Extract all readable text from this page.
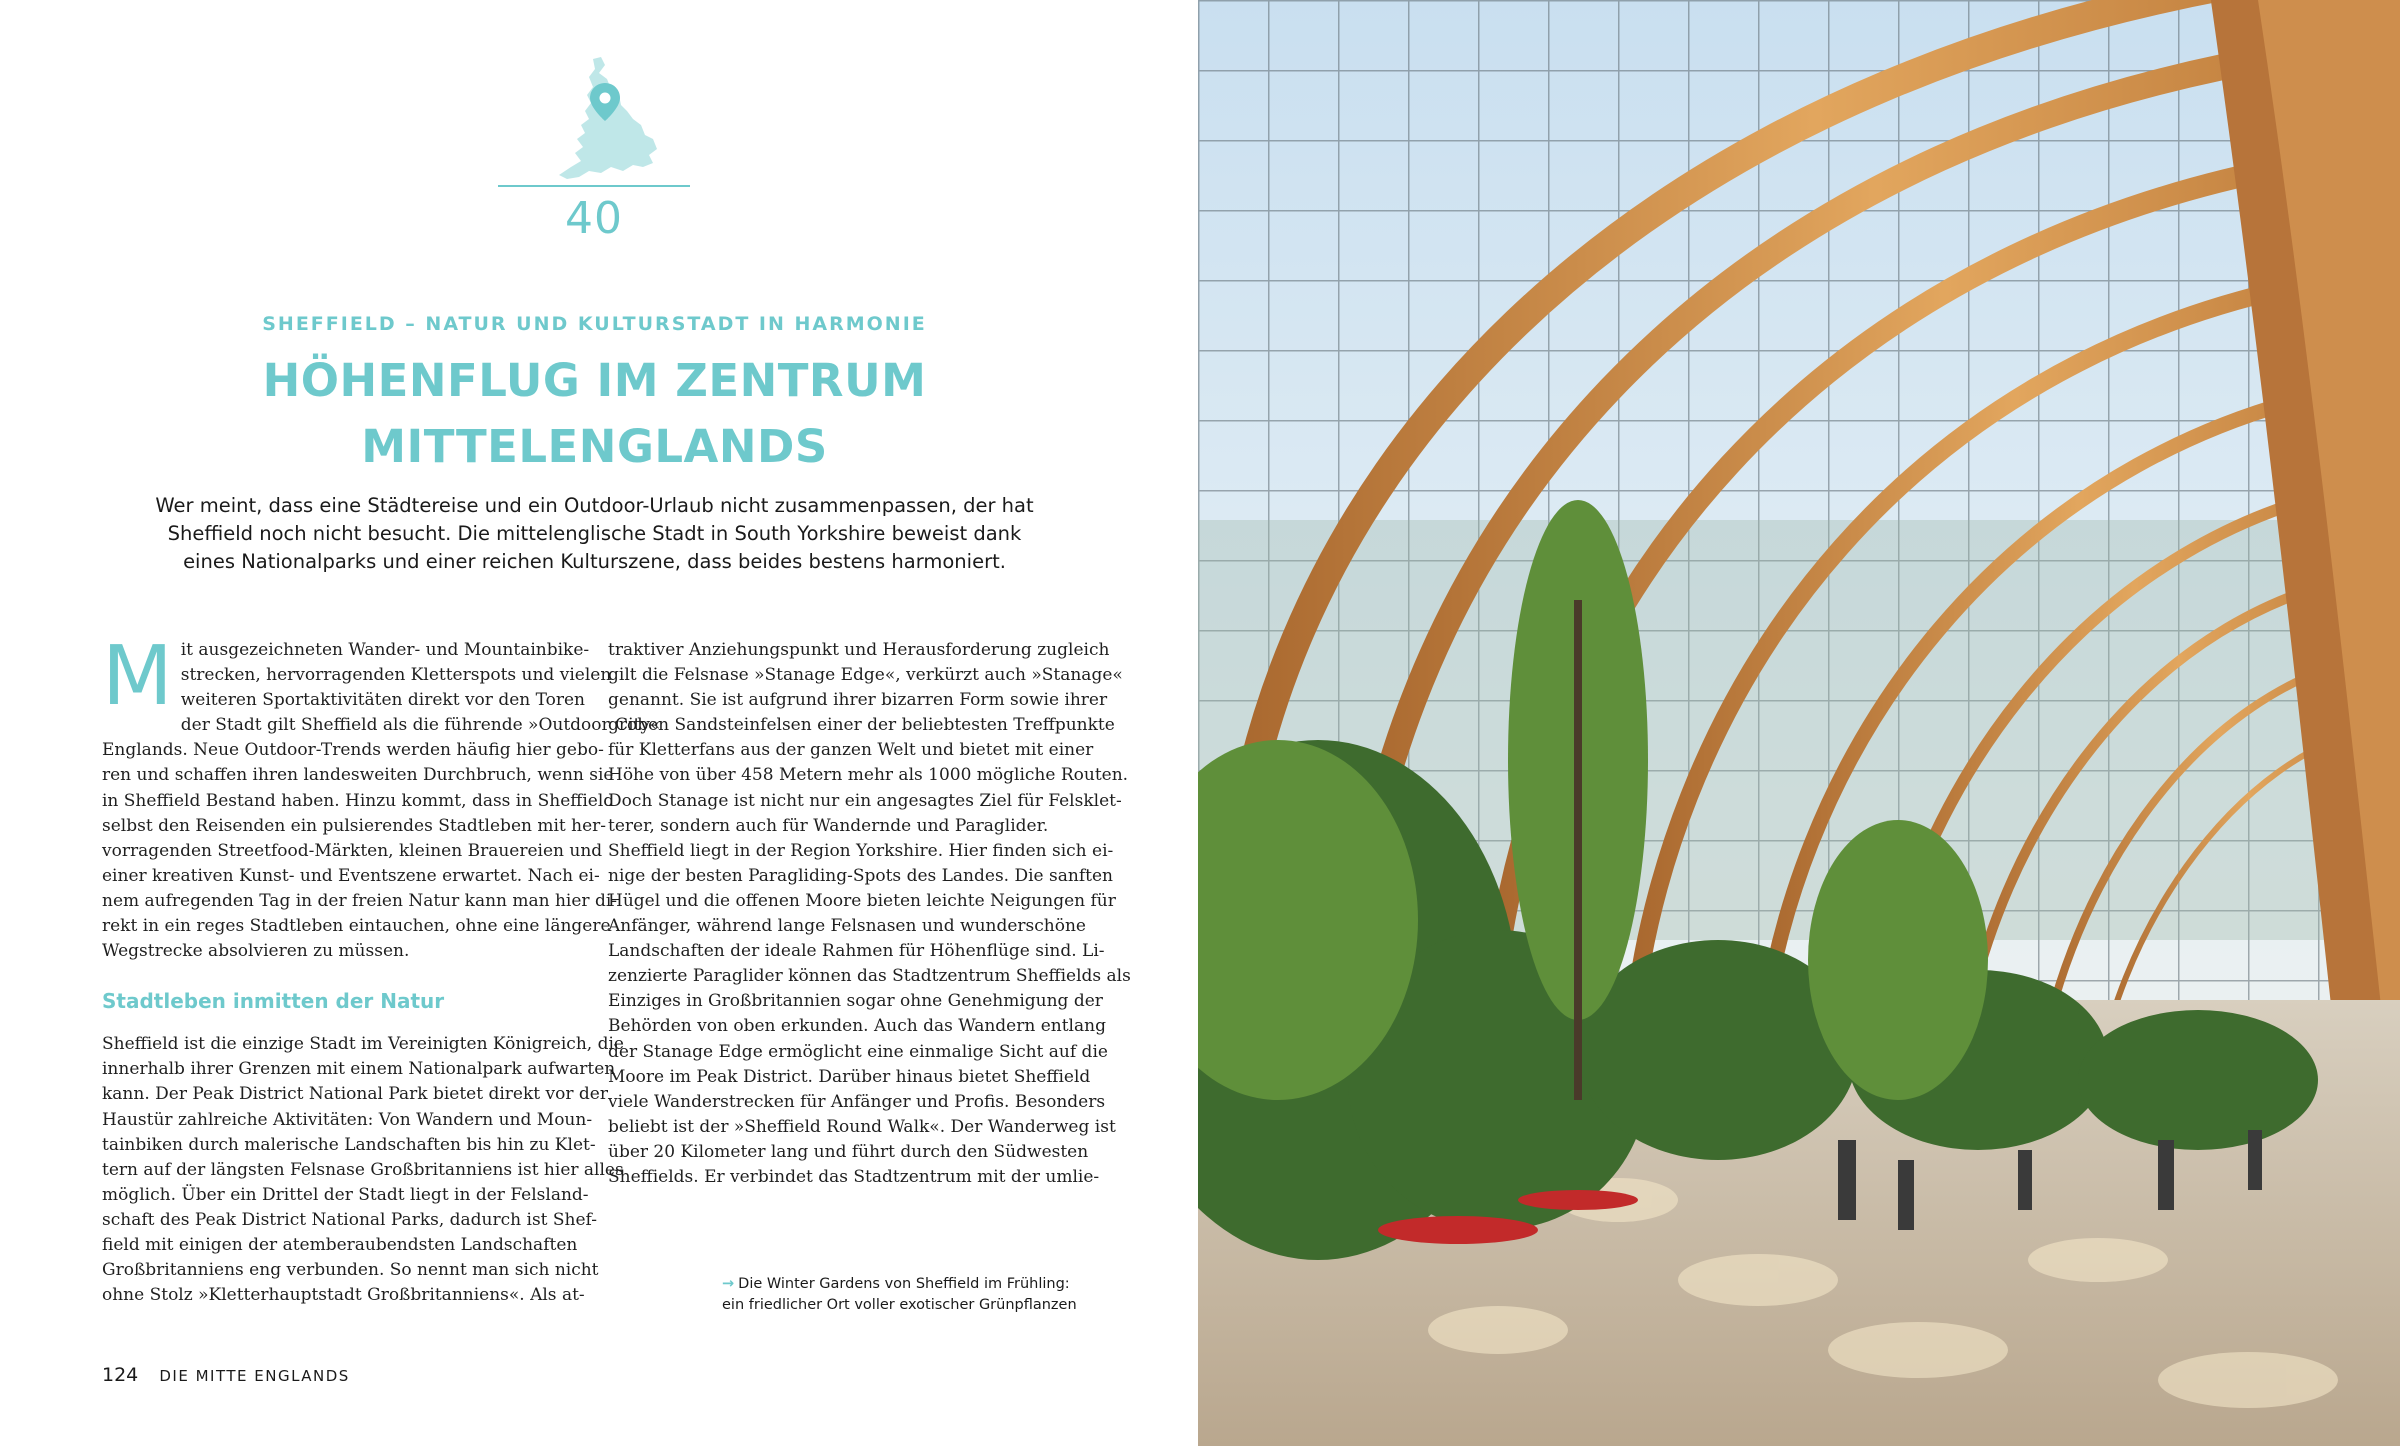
40
SHEFFIELD – NATUR UND KULTURSTADT IN HARMONIE
HÖHENFLUG IM ZENTRUM
MITTELENGLANDS
Wer meint, dass eine Städtereise und ein Outdoor-Urlaub nicht zusammenpassen, der hat
Sheffield noch nicht besucht. Die mittelenglische Stadt in South Yorkshire beweist dank
eines Nationalparks und einer reichen Kulturszene, dass beides bestens harmoniert.
M it ausgezeichneten Wander- und Mountainbike-
strecken, hervorragenden Kletterspots und vielen
weiteren Sportaktivitäten direkt vor den Toren
der Stadt gilt Sheffield als die führende »Outdoor City«
Englands. Neue Outdoor-Trends werden häufig hier gebo-
ren und schaffen ihren landesweiten Durchbruch, wenn sie
in Sheffield Bestand haben. Hinzu kommt, dass in Sheffield
selbst den Reisenden ein pulsierendes Stadtleben mit her-
vorragenden Streetfood-Märkten, kleinen Brauereien und
einer kreativen Kunst- und Eventszene erwartet. Nach ei-
nem aufregenden Tag in der freien Natur kann man hier di-
rekt in ein reges Stadtleben eintauchen, ohne eine längere
Wegstrecke absolvieren zu müssen.
Stadtleben inmitten der Natur
Sheffield ist die einzige Stadt im Vereinigten Königreich, die
innerhalb ihrer Grenzen mit einem Nationalpark aufwarten
kann. Der Peak District National Park bietet direkt vor der
Haustür zahlreiche Aktivitäten: Von Wandern und Moun-
tainbiken durch malerische Landschaften bis hin zu Klet-
tern auf der längsten Felsnase Großbritanniens ist hier alles
möglich. Über ein Drittel der Stadt liegt in der Felsland-
schaft des Peak District National Parks, dadurch ist Shef-
field mit einigen der atemberaubendsten Landschaften
Großbritanniens eng verbunden. So nennt man sich nicht
ohne Stolz »Kletterhauptstadt Großbritanniens«. Als at-
traktiver Anziehungspunkt und Herausforderung zugleich
gilt die Felsnase »Stanage Edge«, verkürzt auch »Stanage«
genannt. Sie ist aufgrund ihrer bizarren Form sowie ihrer
groben Sandsteinfelsen einer der beliebtesten Treffpunkte
für Kletterfans aus der ganzen Welt und bietet mit einer
Höhe von über 458 Metern mehr als 1000 mögliche Routen.
Doch Stanage ist nicht nur ein angesagtes Ziel für Felsklet-
terer, sondern auch für Wandernde und Paraglider.
Sheffield liegt in der Region Yorkshire. Hier finden sich ei-
nige der besten Paragliding-Spots des Landes. Die sanften
Hügel und die offenen Moore bieten leichte Neigungen für
Anfänger, während lange Felsnasen und wunderschöne
Landschaften der ideale Rahmen für Höhenflüge sind. Li-
zenzierte Paraglider können das Stadtzentrum Sheffields als
Einziges in Großbritannien sogar ohne Genehmigung der
Behörden von oben erkunden. Auch das Wandern entlang
der Stanage Edge ermöglicht eine einmalige Sicht auf die
Moore im Peak District. Darüber hinaus bietet Sheffield
viele Wanderstrecken für Anfänger und Profis. Besonders
beliebt ist der »Sheffield Round Walk«. Der Wanderweg ist
über 20 Kilometer lang und führt durch den Südwesten
Sheffields. Er verbindet das Stadtzentrum mit der umlie-
→ Die Winter Gardens von Sheffield im Frühling:
ein friedlicher Ort voller exotischer Grünpflanzen
124 DIE MITTE ENGLANDS
